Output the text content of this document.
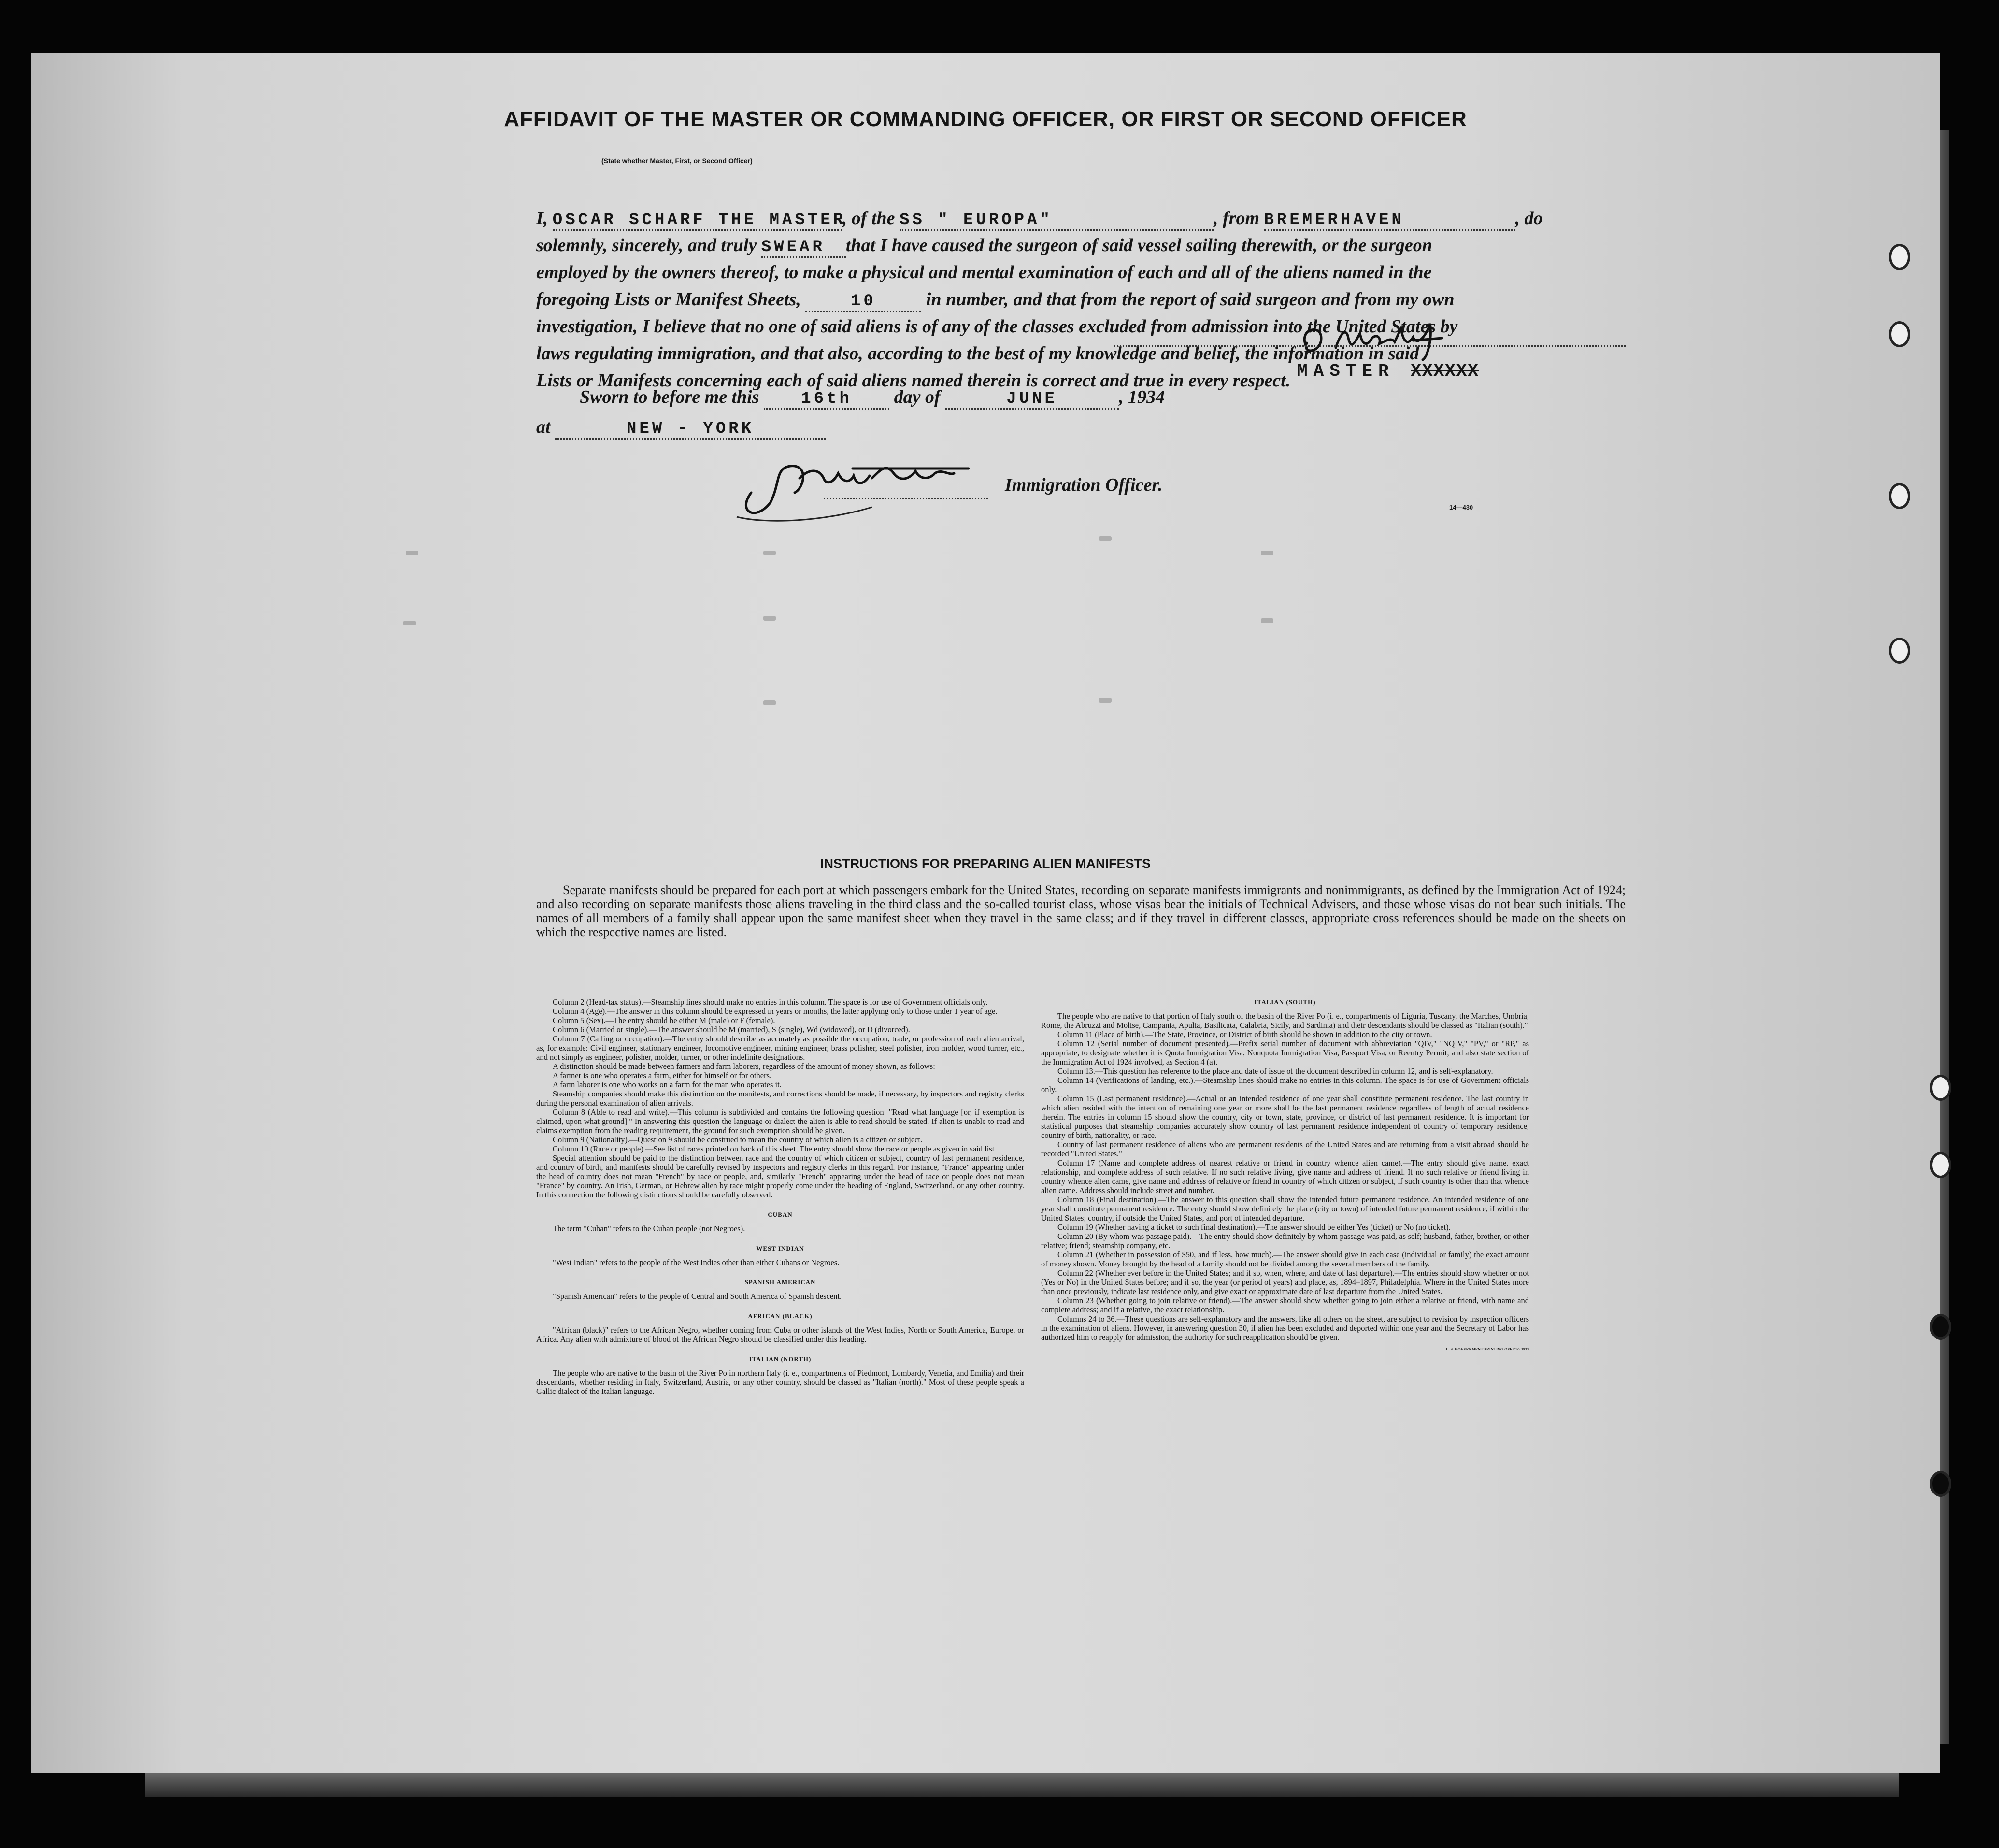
AFFIDAVIT OF THE MASTER OR COMMANDING OFFICER, OR FIRST OR SECOND OFFICER
I, OSCAR SCHARF THE MASTER, of the SS " EUROPA"	, from BREMERHAVEN	, do
(State whether Master, First, or Second Officer)
solemnly, sincerely, and truly SWEAR that I have caused the surgeon of said vessel sailing therewith, or the surgeon
employed by the owners thereof, to make a physical and mental examination of each and all of the aliens named in the
foregoing Lists or Manifest Sheets,	10	in number, and that from the report of said surgeon and from my own
investigation, I believe that no one of said aliens is of any of the classes excluded from admission into the United States by
laws regulating immigration, and that also, according to the best of my knowledge and belief, the information in said
Lists or Manifests concerning each of said aliens named therein is correct and true in every respect. MASTER XXXXXX
Sworn to before me this	16th day of	JUNE	, 1934
at	NEW - YORK
Immigration Officer.
14—430
INSTRUCTIONS FOR PREPARING ALIEN MANIFESTS
Separate manifests should be prepared for each port at which passengers embark for the United States, recording on separate manifests immigrants and nonimmigrants, as defined by the Immigration Act of 1924; and also recording on separate manifests those aliens traveling in the third class and the so-called tourist class, whose visas bear the initials of Technical Advisers, and those whose visas do not bear such initials. The names of all members of a family shall appear upon the same manifest sheet when they travel in the same class; and if they travel in different classes, appropriate cross references should be made on the sheets on which the respective names are listed.

Column 2 (Head-tax status).—Steamship lines should make no entries in this column. The space is for use of Government officials only.

Column 4 (Age).—The answer in this column should be expressed in years or months, the latter applying only to those under 1 year of age.

Column 5 (Sex).—The entry should be either M (male) or F (female).

Column 6 (Married or single).—The answer should be M (married), S (single), Wd (widowed), or D (divorced).

Column 7 (Calling or occupation).—The entry should describe as accurately as possible the occupation, trade, or profession of each alien arrival, as, for example: Civil engineer, stationary engineer, locomotive engineer, mining engineer, brass polisher, steel polisher, iron molder, wood turner, etc., and not simply as engineer, polisher, molder, turner, or other indefinite designations.

A distinction should be made between farmers and farm laborers, regardless of the amount of money shown, as follows:

A farmer is one who operates a farm, either for himself or for others.

A farm laborer is one who works on a farm for the man who operates it.

Steamship companies should make this distinction on the manifests, and corrections should be made, if necessary, by inspectors and registry clerks during the personal examination of alien arrivals.

Column 8 (Able to read and write).—This column is subdivided and contains the following question: "Read what language [or, if exemption is claimed, upon what ground]." In answering this question the language or dialect the alien is able to read should be stated. If alien is unable to read and claims exemption from the reading requirement, the ground for such exemption should be given.

Column 9 (Nationality).—Question 9 should be construed to mean the country of which alien is a citizen or subject.

Column 10 (Race or people).—See list of races printed on back of this sheet. The entry should show the race or people as given in said list.

Special attention should be paid to the distinction between race and the country of which citizen or subject, country of last permanent residence, and country of birth, and manifests should be carefully revised by inspectors and registry clerks in this regard. For instance, "France" appearing under the head of country does not mean "French" by race or people, and, similarly "French" appearing under the head of race or people does not mean "France" by country. An Irish, German, or Hebrew alien by race might properly come under the heading of England, Switzerland, or any other country. In this connection the following distinctions should be carefully observed:

CUBAN

The term "Cuban" refers to the Cuban people (not Negroes).

WEST INDIAN

"West Indian" refers to the people of the West Indies other than either Cubans or Negroes.

SPANISH AMERICAN

"Spanish American" refers to the people of Central and South America of Spanish descent.

AFRICAN (BLACK)

"African (black)" refers to the African Negro, whether coming from Cuba or other islands of the West Indies, North or South America, Europe, or Africa. Any alien with admixture of blood of the African Negro should be classified under this heading.

ITALIAN (NORTH)

The people who are native to the basin of the River Po in northern Italy (i. e., compartments of Piedmont, Lombardy, Venetia, and Emilia) and their descendants, whether residing in Italy, Switzerland, Austria, or any other country, should be classed as "Italian (north)." Most of these people speak a Gallic dialect of the Italian language.

ITALIAN (SOUTH)

The people who are native to that portion of Italy south of the basin of the River Po (i. e., compartments of Liguria, Tuscany, the Marches, Umbria, Rome, the Abruzzi and Molise, Campania, Apulia, Basilicata, Calabria, Sicily, and Sardinia) and their descendants should be classed as "Italian (south)."

Column 11 (Place of birth).—The State, Province, or District of birth should be shown in addition to the city or town.

Column 12 (Serial number of document presented).—Prefix serial number of document with abbreviation "QIV," "NQIV," "PV," or "RP," as appropriate, to designate whether it is Quota Immigration Visa, Nonquota Immigration Visa, Passport Visa, or Reentry Permit; and also state section of the Immigration Act of 1924 involved, as Section 4 (a).

Column 13.—This question has reference to the place and date of issue of the document described in column 12, and is self-explanatory.

Column 14 (Verifications of landing, etc.).—Steamship lines should make no entries in this column. The space is for use of Government officials only.

Column 15 (Last permanent residence).—Actual or an intended residence of one year shall constitute permanent residence. The last country in which alien resided with the intention of remaining one year or more shall be the last permanent residence regardless of length of actual residence therein. The entries in column 15 should show the country, city or town, state, province, or district of last permanent residence. It is important for statistical purposes that steamship companies accurately show country of last permanent residence independent of country of temporary residence, country of birth, nationality, or race.

Country of last permanent residence of aliens who are permanent residents of the United States and are returning from a visit abroad should be recorded "United States."

Column 17 (Name and complete address of nearest relative or friend in country whence alien came).—The entry should give name, exact relationship, and complete address of such relative. If no such relative living, give name and address of friend. If no such relative or friend living in country whence alien came, give name and address of relative or friend in country of which citizen or subject, if such country is other than that whence alien came. Address should include street and number.

Column 18 (Final destination).—The answer to this question shall show the intended future permanent residence. An intended residence of one year shall constitute permanent residence. The entry should show definitely the place (city or town) of intended future permanent residence, if within the United States; country, if outside the United States, and port of intended departure.

Column 19 (Whether having a ticket to such final destination).—The answer should be either Yes (ticket) or No (no ticket).

Column 20 (By whom was passage paid).—The entry should show definitely by whom passage was paid, as self; husband, father, brother, or other relative; friend; steamship company, etc.

Column 21 (Whether in possession of $50, and if less, how much).—The answer should give in each case (individual or family) the exact amount of money shown. Money brought by the head of a family should not be divided among the several members of the family.

Column 22 (Whether ever before in the United States; and if so, when, where, and date of last departure).—The entries should show whether or not (Yes or No) in the United States before; and if so, the year (or period of years) and place, as, 1894–1897, Philadelphia. Where in the United States more than once previously, indicate last residence only, and give exact or approximate date of last departure from the United States.

Column 23 (Whether going to join relative or friend).—The answer should show whether going to join either a relative or friend, with name and complete address; and if a relative, the exact relationship.

Columns 24 to 36.—These questions are self-explanatory and the answers, like all others on the sheet, are subject to revision by inspection officers in the examination of aliens. However, in answering question 30, if alien has been excluded and deported within one year and the Secretary of Labor has authorized him to reapply for admission, the authority for such reapplication should be given.

U. S. GOVERNMENT PRINTING OFFICE: 1933
